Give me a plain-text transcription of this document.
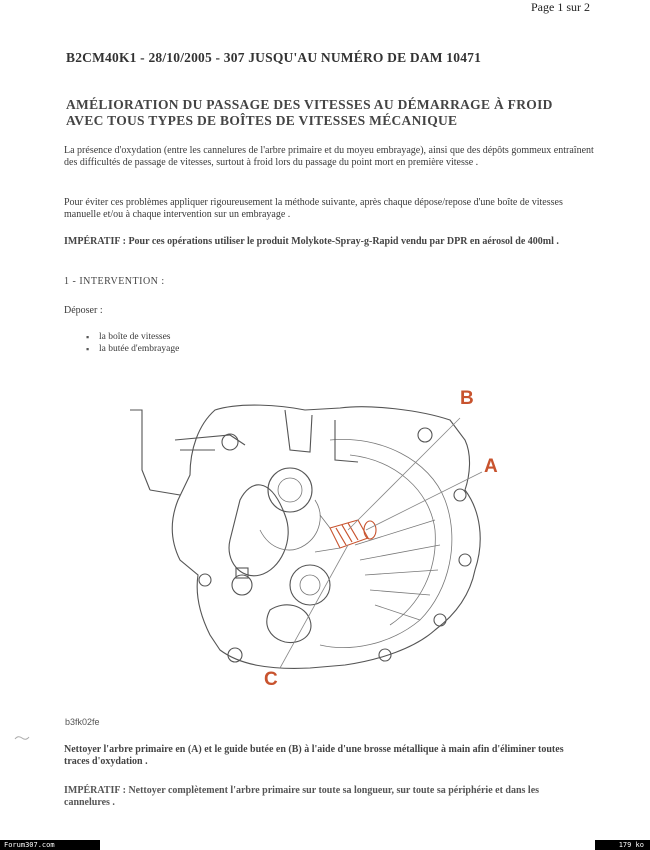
Page 1 sur 2
B2CM40K1 - 28/10/2005 - 307 JUSQU'AU NUMÉRO DE DAM 10471
AMÉLIORATION DU PASSAGE DES VITESSES AU DÉMARRAGE À FROID
AVEC TOUS TYPES DE BOÎTES DE VITESSES MÉCANIQUE
La présence d'oxydation (entre les cannelures de l'arbre primaire et du moyeu embrayage), ainsi que des dépôts gommeux entraînent des difficultés de passage de vitesses, surtout à froid lors du passage du point mort en première vitesse .
Pour éviter ces problèmes appliquer rigoureusement la méthode suivante, après chaque dépose/repose d'une boîte de vitesses manuelle et/ou à chaque intervention sur un embrayage .
IMPÉRATIF : Pour ces opérations utiliser le produit Molykote-Spray-g-Rapid vendu par DPR en aérosol de 400ml .
1 - INTERVENTION :
Déposer :
▪ la boîte de vitesses
▪ la butée d'embrayage
B
A
C
b3fk02fe
Nettoyer l'arbre primaire en (A) et le guide butée en (B) à l'aide d'une brosse métallique à main afin d'éliminer toutes traces d'oxydation .
IMPÉRATIF : Nettoyer complètement l'arbre primaire sur toute sa longueur, sur toute sa périphérie et dans les cannelures .
Forum307.com	179 ko
